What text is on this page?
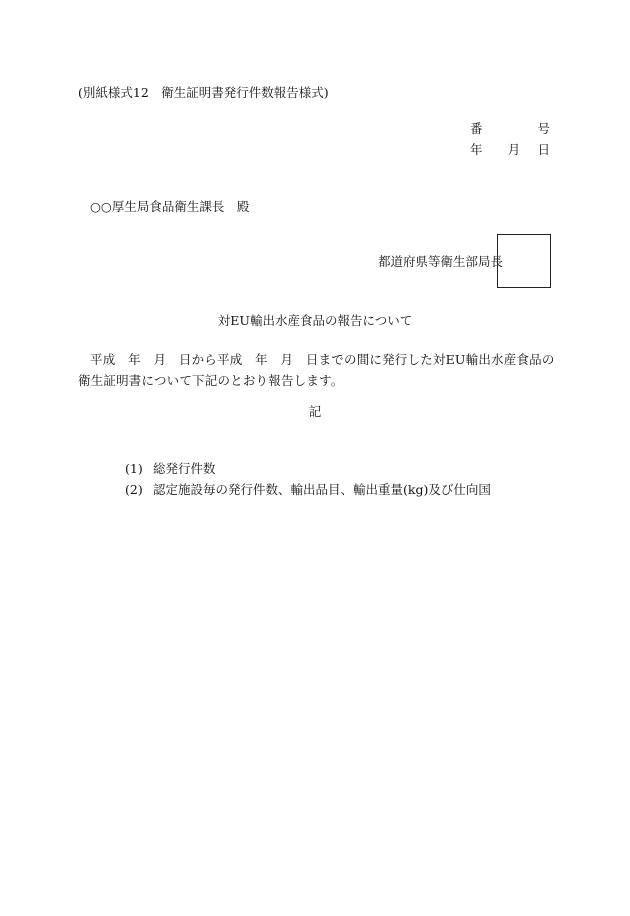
(別紙様式12　衛生証明書発行件数報告様式)
番	号
年 月 日
○○厚生局食品衛生課長　殿
都道府県等衛生部局長
対EU輸出水産食品の報告について
平成　年　月　日から平成　年　月　日までの間に発行した対EU輸出水産食品の衛生証明書について下記のとおり報告します。
記
(1) 総発行件数
(2) 認定施設毎の発行件数、輸出品目、輸出重量(kg)及び仕向国
